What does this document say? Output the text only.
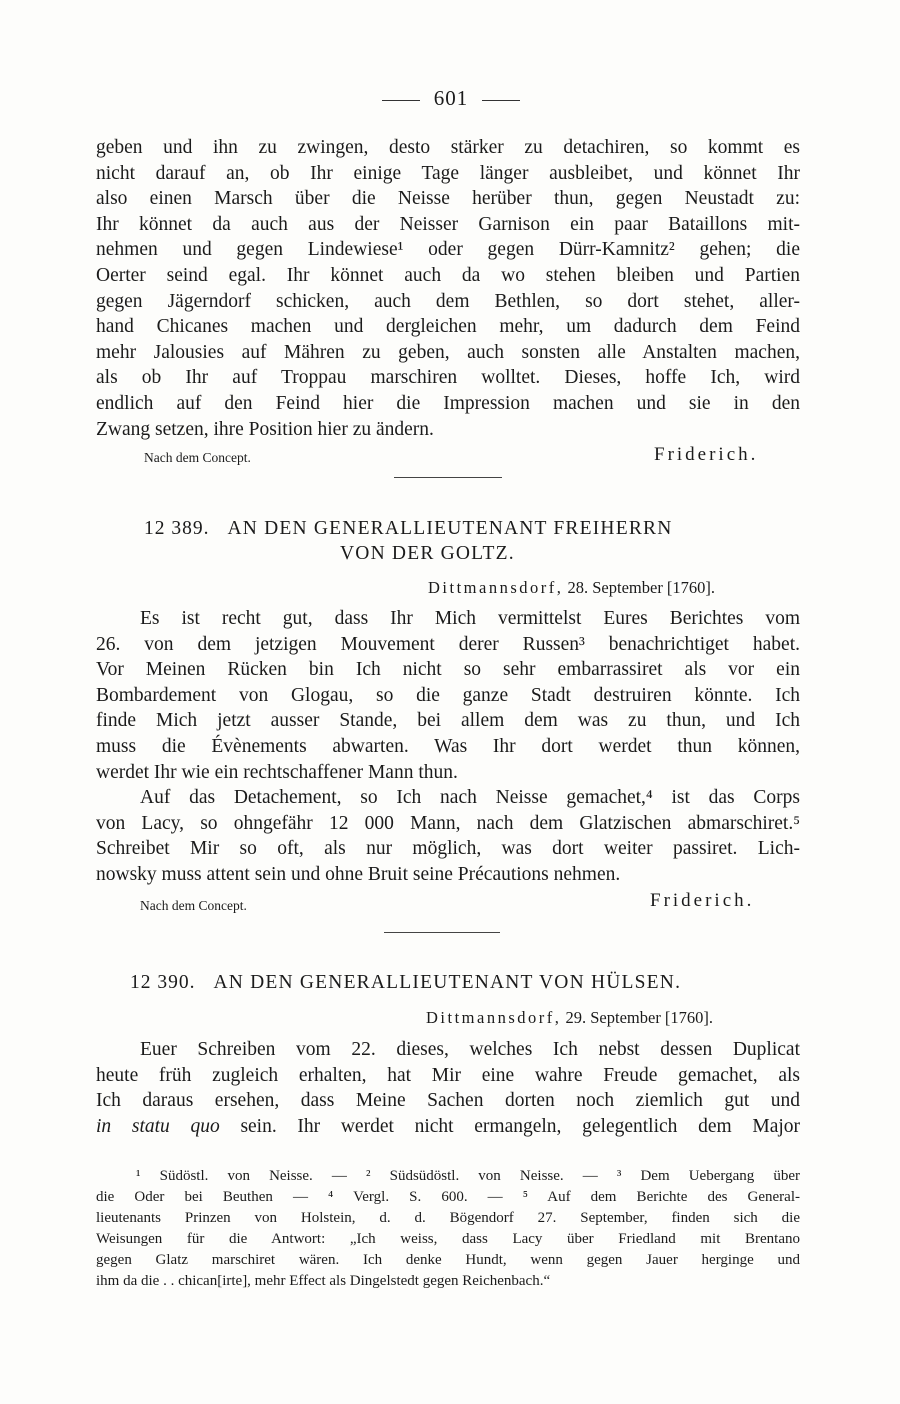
601
geben und ihn zu zwingen, desto stärker zu detachiren, so kommt es
nicht darauf an, ob Ihr einige Tage länger ausbleibet, und könnet Ihr
also einen Marsch über die Neisse herüber thun, gegen Neustadt zu:
Ihr könnet da auch aus der Neisser Garnison ein paar Bataillons mit-
nehmen und gegen Lindewiese¹ oder gegen Dürr-Kamnitz² gehen; die
Oerter seind egal. Ihr könnet auch da wo stehen bleiben und Partien
gegen Jägerndorf schicken, auch dem Bethlen, so dort stehet, aller-
hand Chicanes machen und dergleichen mehr, um dadurch dem Feind
mehr Jalousies auf Mähren zu geben, auch sonsten alle Anstalten machen,
als ob Ihr auf Troppau marschiren wolltet. Dieses, hoffe Ich, wird
endlich auf den Feind hier die Impression machen und sie in den
Zwang setzen, ihre Position hier zu ändern.
Nach dem Concept.	Friderich.
12 389. AN DEN GENERALLIEUTENANT FREIHERRN
VON DER GOLTZ.
Dittmannsdorf, 28. September [1760].
Es ist recht gut, dass Ihr Mich vermittelst Eures Berichtes vom
26. von dem jetzigen Mouvement derer Russen³ benachrichtiget habet.
Vor Meinen Rücken bin Ich nicht so sehr embarrassiret als vor ein
Bombardement von Glogau, so die ganze Stadt destruiren könnte. Ich
finde Mich jetzt ausser Stande, bei allem dem was zu thun, und Ich
muss die Évènements abwarten. Was Ihr dort werdet thun können,
werdet Ihr wie ein rechtschaffener Mann thun.
Auf das Detachement, so Ich nach Neisse gemachet,⁴ ist das Corps
von Lacy, so ohngefähr 12 000 Mann, nach dem Glatzischen abmarschiret.⁵
Schreibet Mir so oft, als nur möglich, was dort weiter passiret. Lich-
nowsky muss attent sein und ohne Bruit seine Précautions nehmen.
Nach dem Concept.	Friderich.
12 390. AN DEN GENERALLIEUTENANT VON HÜLSEN.
Dittmannsdorf, 29. September [1760].
Euer Schreiben vom 22. dieses, welches Ich nebst dessen Duplicat
heute früh zugleich erhalten, hat Mir eine wahre Freude gemachet, als
Ich daraus ersehen, dass Meine Sachen dorten noch ziemlich gut und
in statu quo sein. Ihr werdet nicht ermangeln, gelegentlich dem Major
¹ Südöstl. von Neisse. — ² Südsüdöstl. von Neisse. — ³ Dem Uebergang über
die Oder bei Beuthen — ⁴ Vergl. S. 600. — ⁵ Auf dem Berichte des General-
lieutenants Prinzen von Holstein, d. d. Bögendorf 27. September, finden sich die
Weisungen für die Antwort: „Ich weiss, dass Lacy über Friedland mit Brentano
gegen Glatz marschiret wären. Ich denke Hundt, wenn gegen Jauer herginge und
ihm da die . . chican[irte], mehr Effect als Dingelstedt gegen Reichenbach.“
